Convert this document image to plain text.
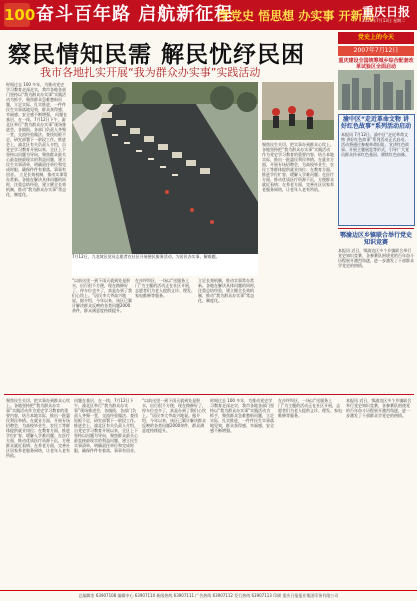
100 奋斗百年路 启航新征程
学党史 悟思想 办实事 开新局
重庆日报
2021年7月13日 星期二
察民情知民需 解民忧纾民困
我市各地扎实开展“我为群众办实事”实践活动
时间过去 100 多年，为推动党史学习教育走深走实，我市各地各部门坚持以“我为群众办实事”实践活动为抓手，聚焦群众急难愁盼问题，立足实际、扎实推进，一件件民生实事落地见效，群众获得感、幸福感、安全感不断增强。 问题在基层、在一线。7月12日下午，渝北区举行“我为群众办实事”现场推进会，各镇街、各部门负责人齐聚一堂，交流经验做法、查找短板不足，研究部署下一阶段工作。推进会上，渝北区有关负责人介绍，自党史学习教育开展以来，全区上下坚持以问题为导向，聚焦群众最关心最直接最现实的利益问题，建立民生实事清单，明确责任单位和完成时限，确保件件有着落、事事有回音。 立足长效机制，推动实事常办常新。各地在解决具体问题的同时，注重总结经验，建立健全长效机制，推动“我为群众办实事”常态化、制度化。
7月12日，九龙坡区党员志愿者在社区开展便民服务活动，为居民办实事、解难题。
“以前这里一到下雨天就到处是积水，出行很不方便，现在路修好了，停车位也多了，真是办到了我们心坎上。”居民李大爷高兴地说。据介绍，今年以来，该区已累计解决群众反映的各类问题2000余件，群众满意度持续提升。
在沙坪坝区，一场以“送服务上门”为主题的活动正在社区开展，志愿者们为老人提供义诊、理发、家电维修等服务。
立足长效机制，推动实事常办常新。各地在解决具体问题的同时，注重总结经验，建立健全长效机制，推动“我为群众办实事”常态化、制度化。
聚焦民生关切，把实事办到群众心坎上。各地坚持把“我为群众办实事”实践活动作为党史学习教育的重要内容，结合本地实际，推出一批惠民利民举措。在就业方面，开展专场招聘会，为高校毕业生、农民工等群体提供就业岗位；在教育方面，推进学位扩容，缓解入学难问题；在医疗方面，推动优质医疗资源下沉，方便群众就近看病；在养老方面，完善社区居家养老服务网络，让老年人老有所依。
党史上的今天
2007年7月12日
重庆建设全国统筹城乡综合配套改革试验区全面启动
渝中区“走近革命文物 讲好红色故事”系列活动启动
本报讯 7月12日，渝中区“走近革命文物 讲好红色故事”系列活动正式启动。活动将通过参观革命旧址、宣讲红色故事、开展主题展览等形式，引导广大党员群众传承红色基因，赓续红色血脉。
鄂渝边区乡镇联合举行党史知识竞赛
本报讯 近日，鄂渝边区多个乡镇联合举行党史知识竞赛，各参赛队围绕党的百年奋斗历程展开激烈角逐，进一步激发了干部群众学党史的热情。
聚焦民生关切，把实事办到群众心坎上。各地坚持把“我为群众办实事”实践活动作为党史学习教育的重要内容，结合本地实际，推出一批惠民利民举措。在就业方面，开展专场招聘会，为高校毕业生、农民工等群体提供就业岗位；在教育方面，推进学位扩容，缓解入学难问题；在医疗方面，推动优质医疗资源下沉，方便群众就近看病；在养老方面，完善社区居家养老服务网络，让老年人老有所依。
问题在基层、在一线。7月12日下午，渝北区举行“我为群众办实事”现场推进会，各镇街、各部门负责人齐聚一堂，交流经验做法、查找短板不足，研究部署下一阶段工作。推进会上，渝北区有关负责人介绍，自党史学习教育开展以来，全区上下坚持以问题为导向，聚焦群众最关心最直接最现实的利益问题，建立民生实事清单，明确责任单位和完成时限，确保件件有着落、事事有回音。
“以前这里一到下雨天就到处是积水，出行很不方便，现在路修好了，停车位也多了，真是办到了我们心坎上。”居民李大爷高兴地说。据介绍，今年以来，该区已累计解决群众反映的各类问题2000余件，群众满意度持续提升。
时间过去 100 多年，为推动党史学习教育走深走实，我市各地各部门坚持以“我为群众办实事”实践活动为抓手，聚焦群众急难愁盼问题，立足实际、扎实推进，一件件民生实事落地见效，群众获得感、幸福感、安全感不断增强。
在沙坪坝区，一场以“送服务上门”为主题的活动正在社区开展，志愿者们为老人提供义诊、理发、家电维修等服务。
本报讯 近日，鄂渝边区多个乡镇联合举行党史知识竞赛，各参赛队围绕党的百年奋斗历程展开激烈角逐，进一步激发了干部群众学党史的热情。
总编辑室 63907108 编辑中心 63907110 新闻热线 63907111 广告热线 63907112 发行热线 63907113 印刷 重庆日报报业集团印务有限公司
